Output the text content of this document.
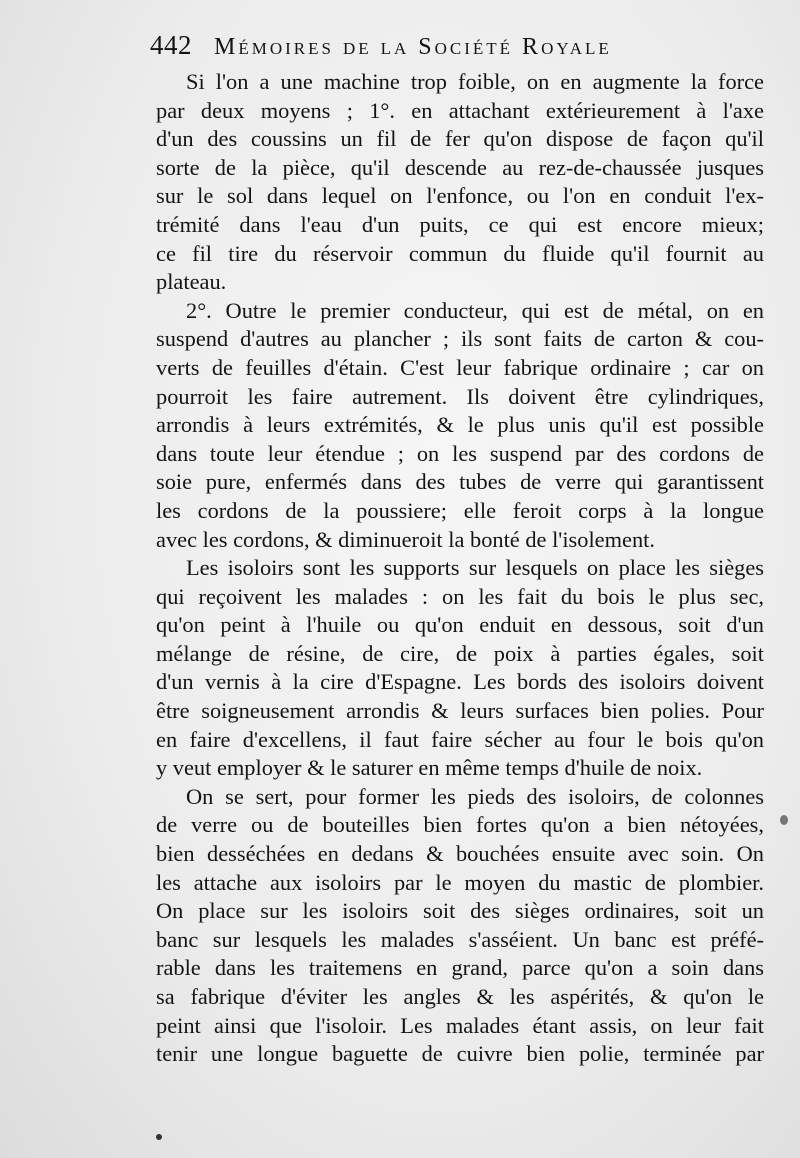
442 Mémoires de la Société Royale
Si l'on a une machine trop foible, on en augmente la force
par deux moyens ; 1°. en attachant extérieurement à l'axe
d'un des coussins un fil de fer qu'on dispose de façon qu'il
sorte de la pièce, qu'il descende au rez-de-chaussée jusques
sur le sol dans lequel on l'enfonce, ou l'on en conduit l'ex-
trémité dans l'eau d'un puits, ce qui est encore mieux;
ce fil tire du réservoir commun du fluide qu'il fournit au
plateau.
2°. Outre le premier conducteur, qui est de métal, on en
suspend d'autres au plancher ; ils sont faits de carton & cou-
verts de feuilles d'étain. C'est leur fabrique ordinaire ; car on
pourroit les faire autrement. Ils doivent être cylindriques,
arrondis à leurs extrémités, & le plus unis qu'il est possible
dans toute leur étendue ; on les suspend par des cordons de
soie pure, enfermés dans des tubes de verre qui garantissent
les cordons de la poussiere; elle feroit corps à la longue
avec les cordons, & diminueroit la bonté de l'isolement.
Les isoloirs sont les supports sur lesquels on place les sièges
qui reçoivent les malades : on les fait du bois le plus sec,
qu'on peint à l'huile ou qu'on enduit en dessous, soit d'un
mélange de résine, de cire, de poix à parties égales, soit
d'un vernis à la cire d'Espagne. Les bords des isoloirs doivent
être soigneusement arrondis & leurs surfaces bien polies. Pour
en faire d'excellens, il faut faire sécher au four le bois qu'on
y veut employer & le saturer en même temps d'huile de noix.
On se sert, pour former les pieds des isoloirs, de colonnes
de verre ou de bouteilles bien fortes qu'on a bien nétoyées,
bien desséchées en dedans & bouchées ensuite avec soin. On
les attache aux isoloirs par le moyen du mastic de plombier.
On place sur les isoloirs soit des sièges ordinaires, soit un
banc sur lesquels les malades s'asséient. Un banc est préfé-
rable dans les traitemens en grand, parce qu'on a soin dans
sa fabrique d'éviter les angles & les aspérités, & qu'on le
peint ainsi que l'isoloir. Les malades étant assis, on leur fait
tenir une longue baguette de cuivre bien polie, terminée par
